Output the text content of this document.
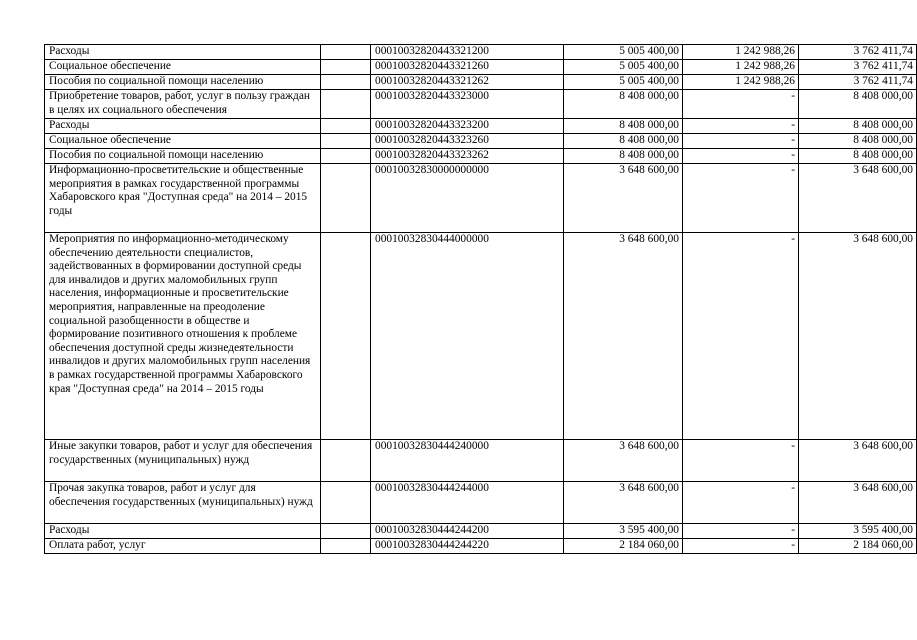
Расходы		00010032820443321200	5 005 400,00	1 242 988,26	3 762 411,74
Социальное обеспечение		00010032820443321260	5 005 400,00	1 242 988,26	3 762 411,74
Пособия по социальной помощи населению		00010032820443321262	5 005 400,00	1 242 988,26	3 762 411,74
Приобретение товаров, работ, услуг в пользу граждан в целях их социального обеспечения		00010032820443323000	8 408 000,00	-	8 408 000,00
Расходы		00010032820443323200	8 408 000,00	-	8 408 000,00
Социальное обеспечение		00010032820443323260	8 408 000,00	-	8 408 000,00
Пособия по социальной помощи населению		00010032820443323262	8 408 000,00	-	8 408 000,00
Информационно-просветительские и общественные мероприятия в рамках государственной программы Хабаровского края "Доступная среда" на 2014 – 2015 годы		00010032830000000000	3 648 600,00	-	3 648 600,00
Мероприятия по информационно-методическому обеспечению деятельности специалистов, задействованных в формировании доступной среды для инвалидов и других маломобильных групп населения, информационные и просветительские мероприятия, направленные на преодоление социальной разобщенности в обществе и формирование позитивного отношения к проблеме обеспечения доступной среды жизнедеятельности инвалидов и других маломобильных групп населения в рамках государственной программы Хабаровского края "Доступная среда" на 2014 – 2015 годы		00010032830444000000	3 648 600,00	-	3 648 600,00
Иные закупки товаров, работ и услуг для обеспечения государственных (муниципальных) нужд		00010032830444240000	3 648 600,00	-	3 648 600,00
Прочая закупка товаров, работ и услуг для обеспечения государственных (муниципальных) нужд		00010032830444244000	3 648 600,00	-	3 648 600,00
Расходы		00010032830444244200	3 595 400,00	-	3 595 400,00
Оплата работ, услуг		00010032830444244220	2 184 060,00	-	2 184 060,00
